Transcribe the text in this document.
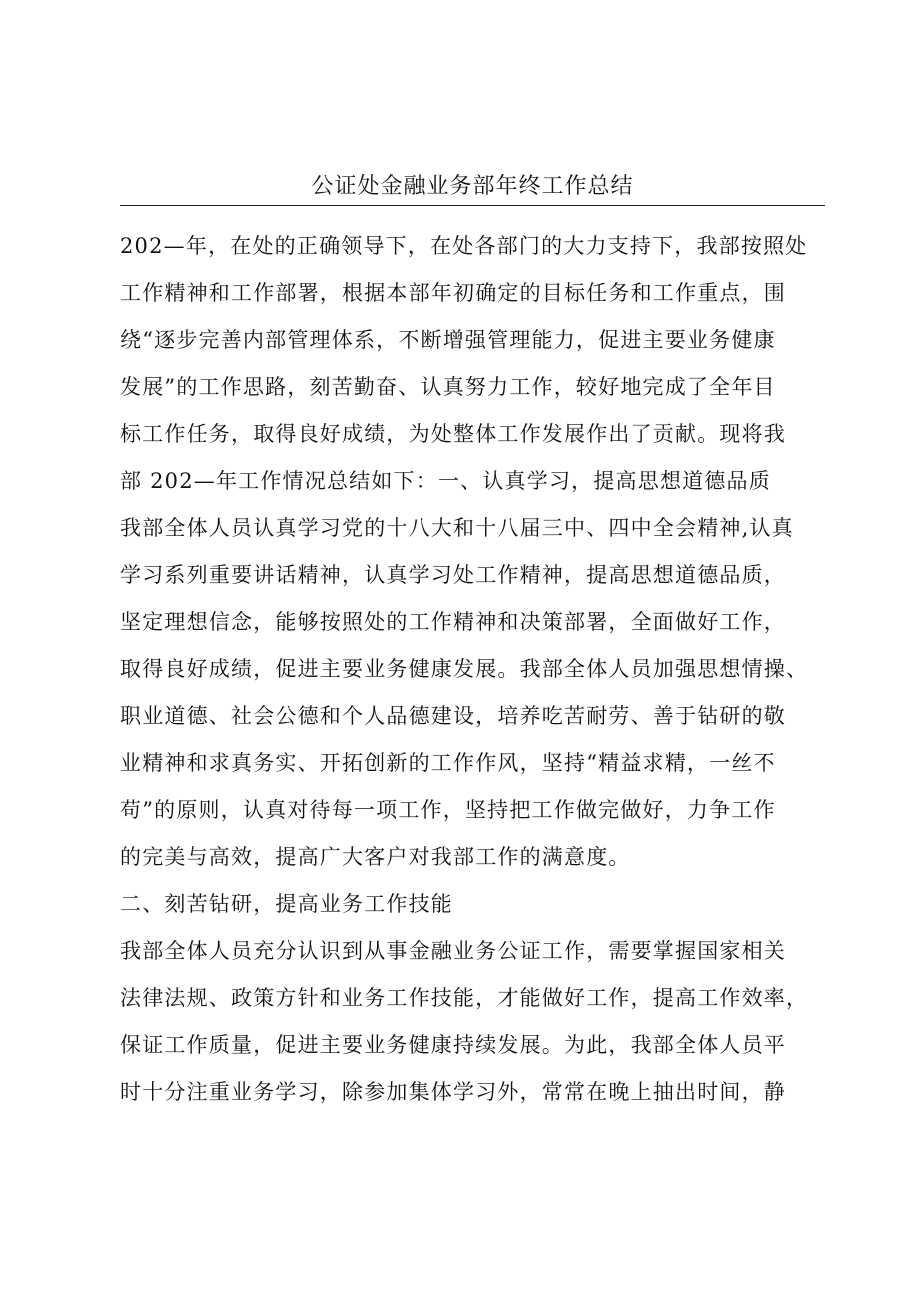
公证处金融业务部年终工作总结
202—年，在处的正确领导下，在处各部门的大力支持下，我部按照处
工作精神和工作部署，根据本部年初确定的目标任务和工作重点，围
绕“逐步完善内部管理体系，不断增强管理能力，促进主要业务健康
发展”的工作思路，刻苦勤奋、认真努力工作，较好地完成了全年目
标工作任务，取得良好成绩，为处整体工作发展作出了贡献。现将我
部 202—年工作情况总结如下：一、认真学习，提高思想道德品质
我部全体人员认真学习党的十八大和十八届三中、四中全会精神,认真
学习系列重要讲话精神，认真学习处工作精神，提高思想道德品质，
坚定理想信念，能够按照处的工作精神和决策部署，全面做好工作，
取得良好成绩，促进主要业务健康发展。我部全体人员加强思想情操、
职业道德、社会公德和个人品德建设，培养吃苦耐劳、善于钻研的敬
业精神和求真务实、开拓创新的工作作风，坚持“精益求精，一丝不
苟”的原则，认真对待每一项工作，坚持把工作做完做好，力争工作
的完美与高效，提高广大客户对我部工作的满意度。
二、刻苦钻研，提高业务工作技能
我部全体人员充分认识到从事金融业务公证工作，需要掌握国家相关
法律法规、政策方针和业务工作技能，才能做好工作，提高工作效率，
保证工作质量，促进主要业务健康持续发展。为此，我部全体人员平
时十分注重业务学习，除参加集体学习外，常常在晚上抽出时间，静
